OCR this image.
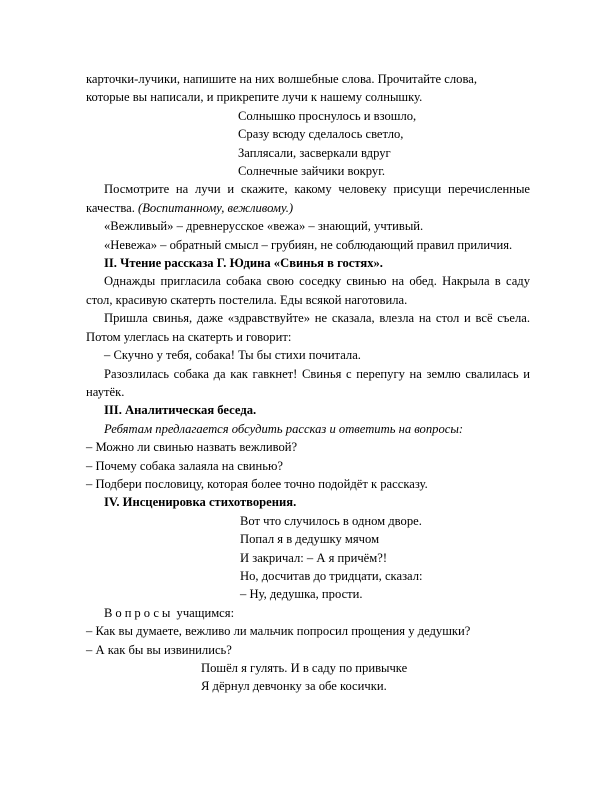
карточки-лучики, напишите на них волшебные слова. Прочитайте слова,

которые вы написали, и прикрепите лучи к нашему солнышку.

Солнышко проснулось и взошло,

Сразу всюду сделалось светло,

Заплясали, засверкали вдруг

Солнечные зайчики вокруг.

Посмотрите на лучи и скажите, какому человеку присущи перечисленные качества. (Воспитанному, вежливому.)

«Вежливый» – древнерусское «вежа» – знающий, учтивый.

«Невежа» – обратный смысл – грубиян, не соблюдающий правил приличия.

II. Чтение рассказа Г. Юдина «Свинья в гостях».

Однажды пригласила собака свою соседку свинью на обед. Накрыла в саду стол, красивую скатерть постелила. Еды всякой наготовила.

Пришла свинья, даже «здравствуйте» не сказала, влезла на стол и всё съела. Потом улеглась на скатерть и говорит:

– Скучно у тебя, собака! Ты бы стихи почитала.

Разозлилась собака да как гавкнет! Свинья с перепугу на землю свалилась и наутёк.

III. Аналитическая беседа.

Ребятам предлагается обсудить рассказ и ответить на вопросы:

– Можно ли свинью назвать вежливой?

– Почему собака залаяла на свинью?

– Подбери пословицу, которая более точно подойдёт к рассказу.

IV. Инсценировка стихотворения.

Вот что случилось в одном дворе.

Попал я в дедушку мячом

И закричал: – А я причём?!

Но, досчитав до тридцати, сказал:

– Ну, дедушка, прости.

Вопросы учащимся:

– Как вы думаете, вежливо ли мальчик попросил прощения у дедушки?

– А как бы вы извинились?

Пошёл я гулять. И в саду по привычке

Я дёрнул девчонку за обе косички.
